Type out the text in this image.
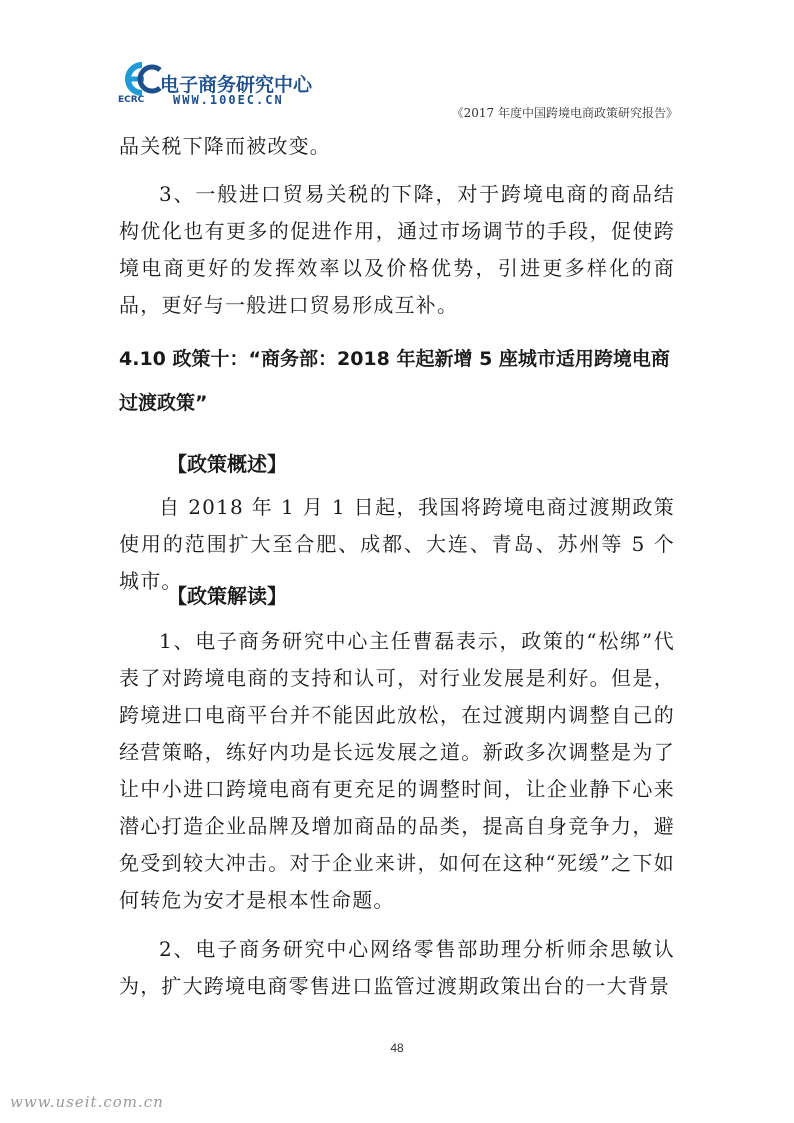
电子商务研究中心
ECRC WWW.100EC.CN
《2017 年度中国跨境电商政策研究报告》

品关税下降而被改变。

3、一般进口贸易关税的下降，对于跨境电商的商品结构优化也有更多的促进作用，通过市场调节的手段，促使跨境电商更好的发挥效率以及价格优势，引进更多样化的商品，更好与一般进口贸易形成互补。

4.10 政策十：“商务部：2018 年起新增 5 座城市适用跨境电商过渡政策”
【政策概述】

自 2018 年 1 月 1 日起，我国将跨境电商过渡期政策使用的范围扩大至合肥、成都、大连、青岛、苏州等 5 个城市。

【政策解读】

1、电子商务研究中心主任曹磊表示，政策的“松绑”代表了对跨境电商的支持和认可，对行业发展是利好。但是，跨境进口电商平台并不能因此放松，在过渡期内调整自己的经营策略，练好内功是长远发展之道。新政多次调整是为了让中小进口跨境电商有更充足的调整时间，让企业静下心来潜心打造企业品牌及增加商品的品类，提高自身竞争力，避免受到较大冲击。对于企业来讲，如何在这种“死缓”之下如何转危为安才是根本性命题。

2、电子商务研究中心网络零售部助理分析师余思敏认为，扩大跨境电商零售进口监管过渡期政策出台的一大背景

48
www.useit.com.cn
